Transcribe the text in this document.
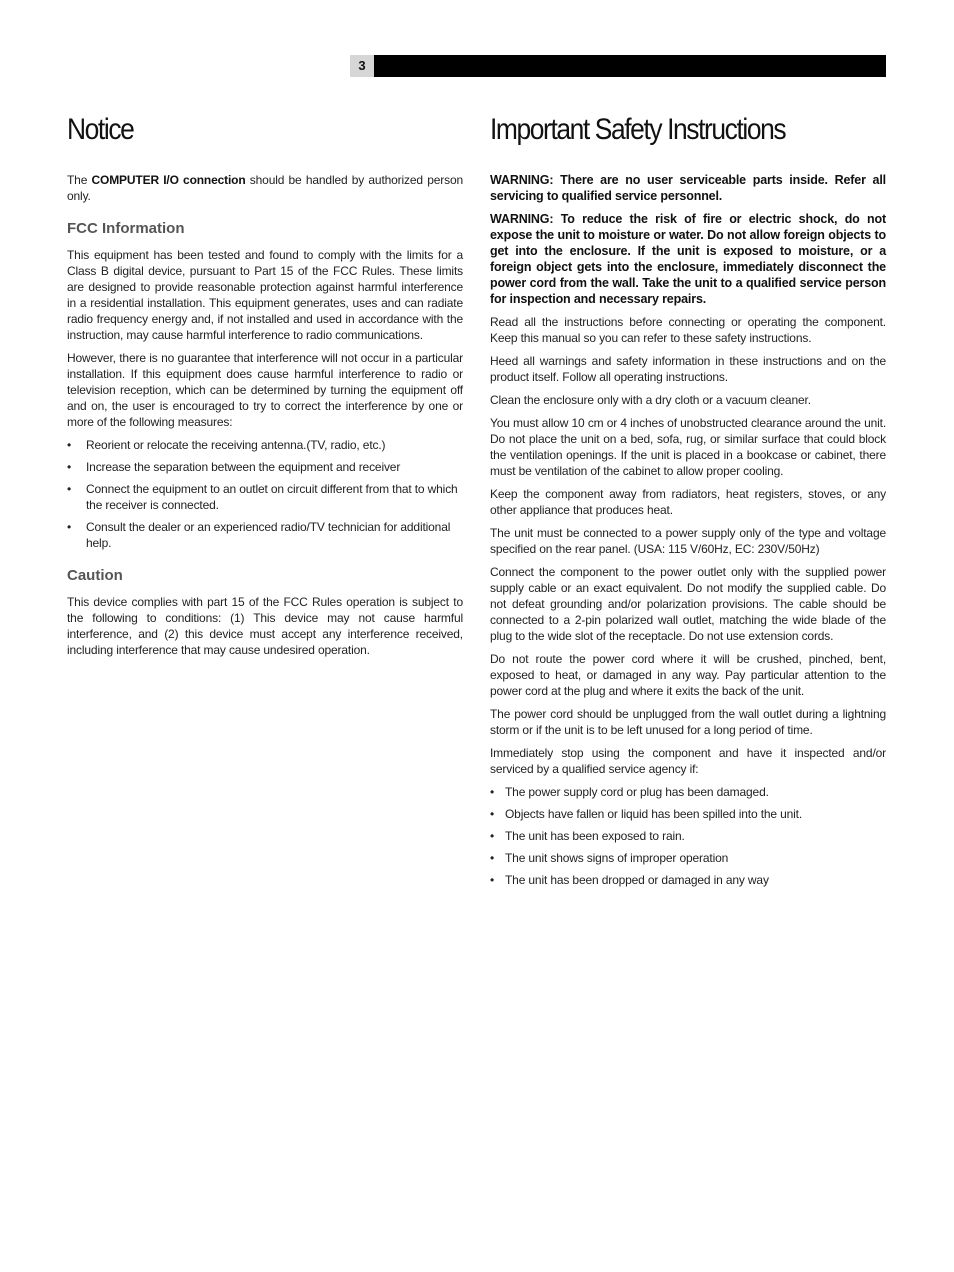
3
Notice

The COMPUTER I/O connection should be handled by authorized person only.

FCC Information

This equipment has been tested and found to comply with the limits for a Class B digital device, pursuant to Part 15 of the FCC Rules. These limits are designed to provide reasonable protection against harmful interference in a residential installation. This equipment generates, uses and can radiate radio frequency energy and, if not installed and used in accordance with the instruction, may cause harmful interference to radio communications.

However, there is no guarantee that interference will not occur in a particular installation. If this equipment does cause harmful interference to radio or television reception, which can be determined by turning the equipment off and on, the user is encouraged to try to correct the interference by one or more of the following measures:

• Reorient or relocate the receiving antenna.(TV, radio, etc.)
• Increase the separation between the equipment and receiver
• Connect the equipment to an outlet on circuit different from that to which the receiver is connected.
• Consult the dealer or an experienced radio/TV technician for additional help.
Caution

This device complies with part 15 of the FCC Rules operation is subject to the following to conditions: (1) This device may not cause harmful interference, and (2) this device must accept any interference received, including interference that may cause undesired operation.

Important Safety Instructions

WARNING: There are no user serviceable parts inside. Refer all servicing to qualified service personnel.

WARNING: To reduce the risk of fire or electric shock, do not expose the unit to moisture or water. Do not allow foreign objects to get into the enclosure. If the unit is exposed to moisture, or a foreign object gets into the enclosure, immediately disconnect the power cord from the wall. Take the unit to a qualified service person for inspection and necessary repairs.

Read all the instructions before connecting or operating the component. Keep this manual so you can refer to these safety instructions.

Heed all warnings and safety information in these instructions and on the product itself. Follow all operating instructions.

Clean the enclosure only with a dry cloth or a vacuum cleaner.

You must allow 10 cm or 4 inches of unobstructed clearance around the unit. Do not place the unit on a bed, sofa, rug, or similar surface that could block the ventilation openings. If the unit is placed in a bookcase or cabinet, there must be ventilation of the cabinet to allow proper cooling.

Keep the component away from radiators, heat registers, stoves, or any other appliance that produces heat.

The unit must be connected to a power supply only of the type and voltage specified on the rear panel. (USA: 115 V/60Hz, EC: 230V/50Hz)

Connect the component to the power outlet only with the supplied power supply cable or an exact equivalent. Do not modify the supplied cable. Do not defeat grounding and/or polarization provisions. The cable should be connected to a 2-pin polarized wall outlet, matching the wide blade of the plug to the wide slot of the receptacle. Do not use extension cords.

Do not route the power cord where it will be crushed, pinched, bent, exposed to heat, or damaged in any way. Pay particular attention to the power cord at the plug and where it exits the back of the unit.

The power cord should be unplugged from the wall outlet during a lightning storm or if the unit is to be left unused for a long period of time.

Immediately stop using the component and have it inspected and/or serviced by a qualified service agency if:

• The power supply cord or plug has been damaged.
• Objects have fallen or liquid has been spilled into the unit.
• The unit has been exposed to rain.
• The unit shows signs of improper operation
• The unit has been dropped or damaged in any way
